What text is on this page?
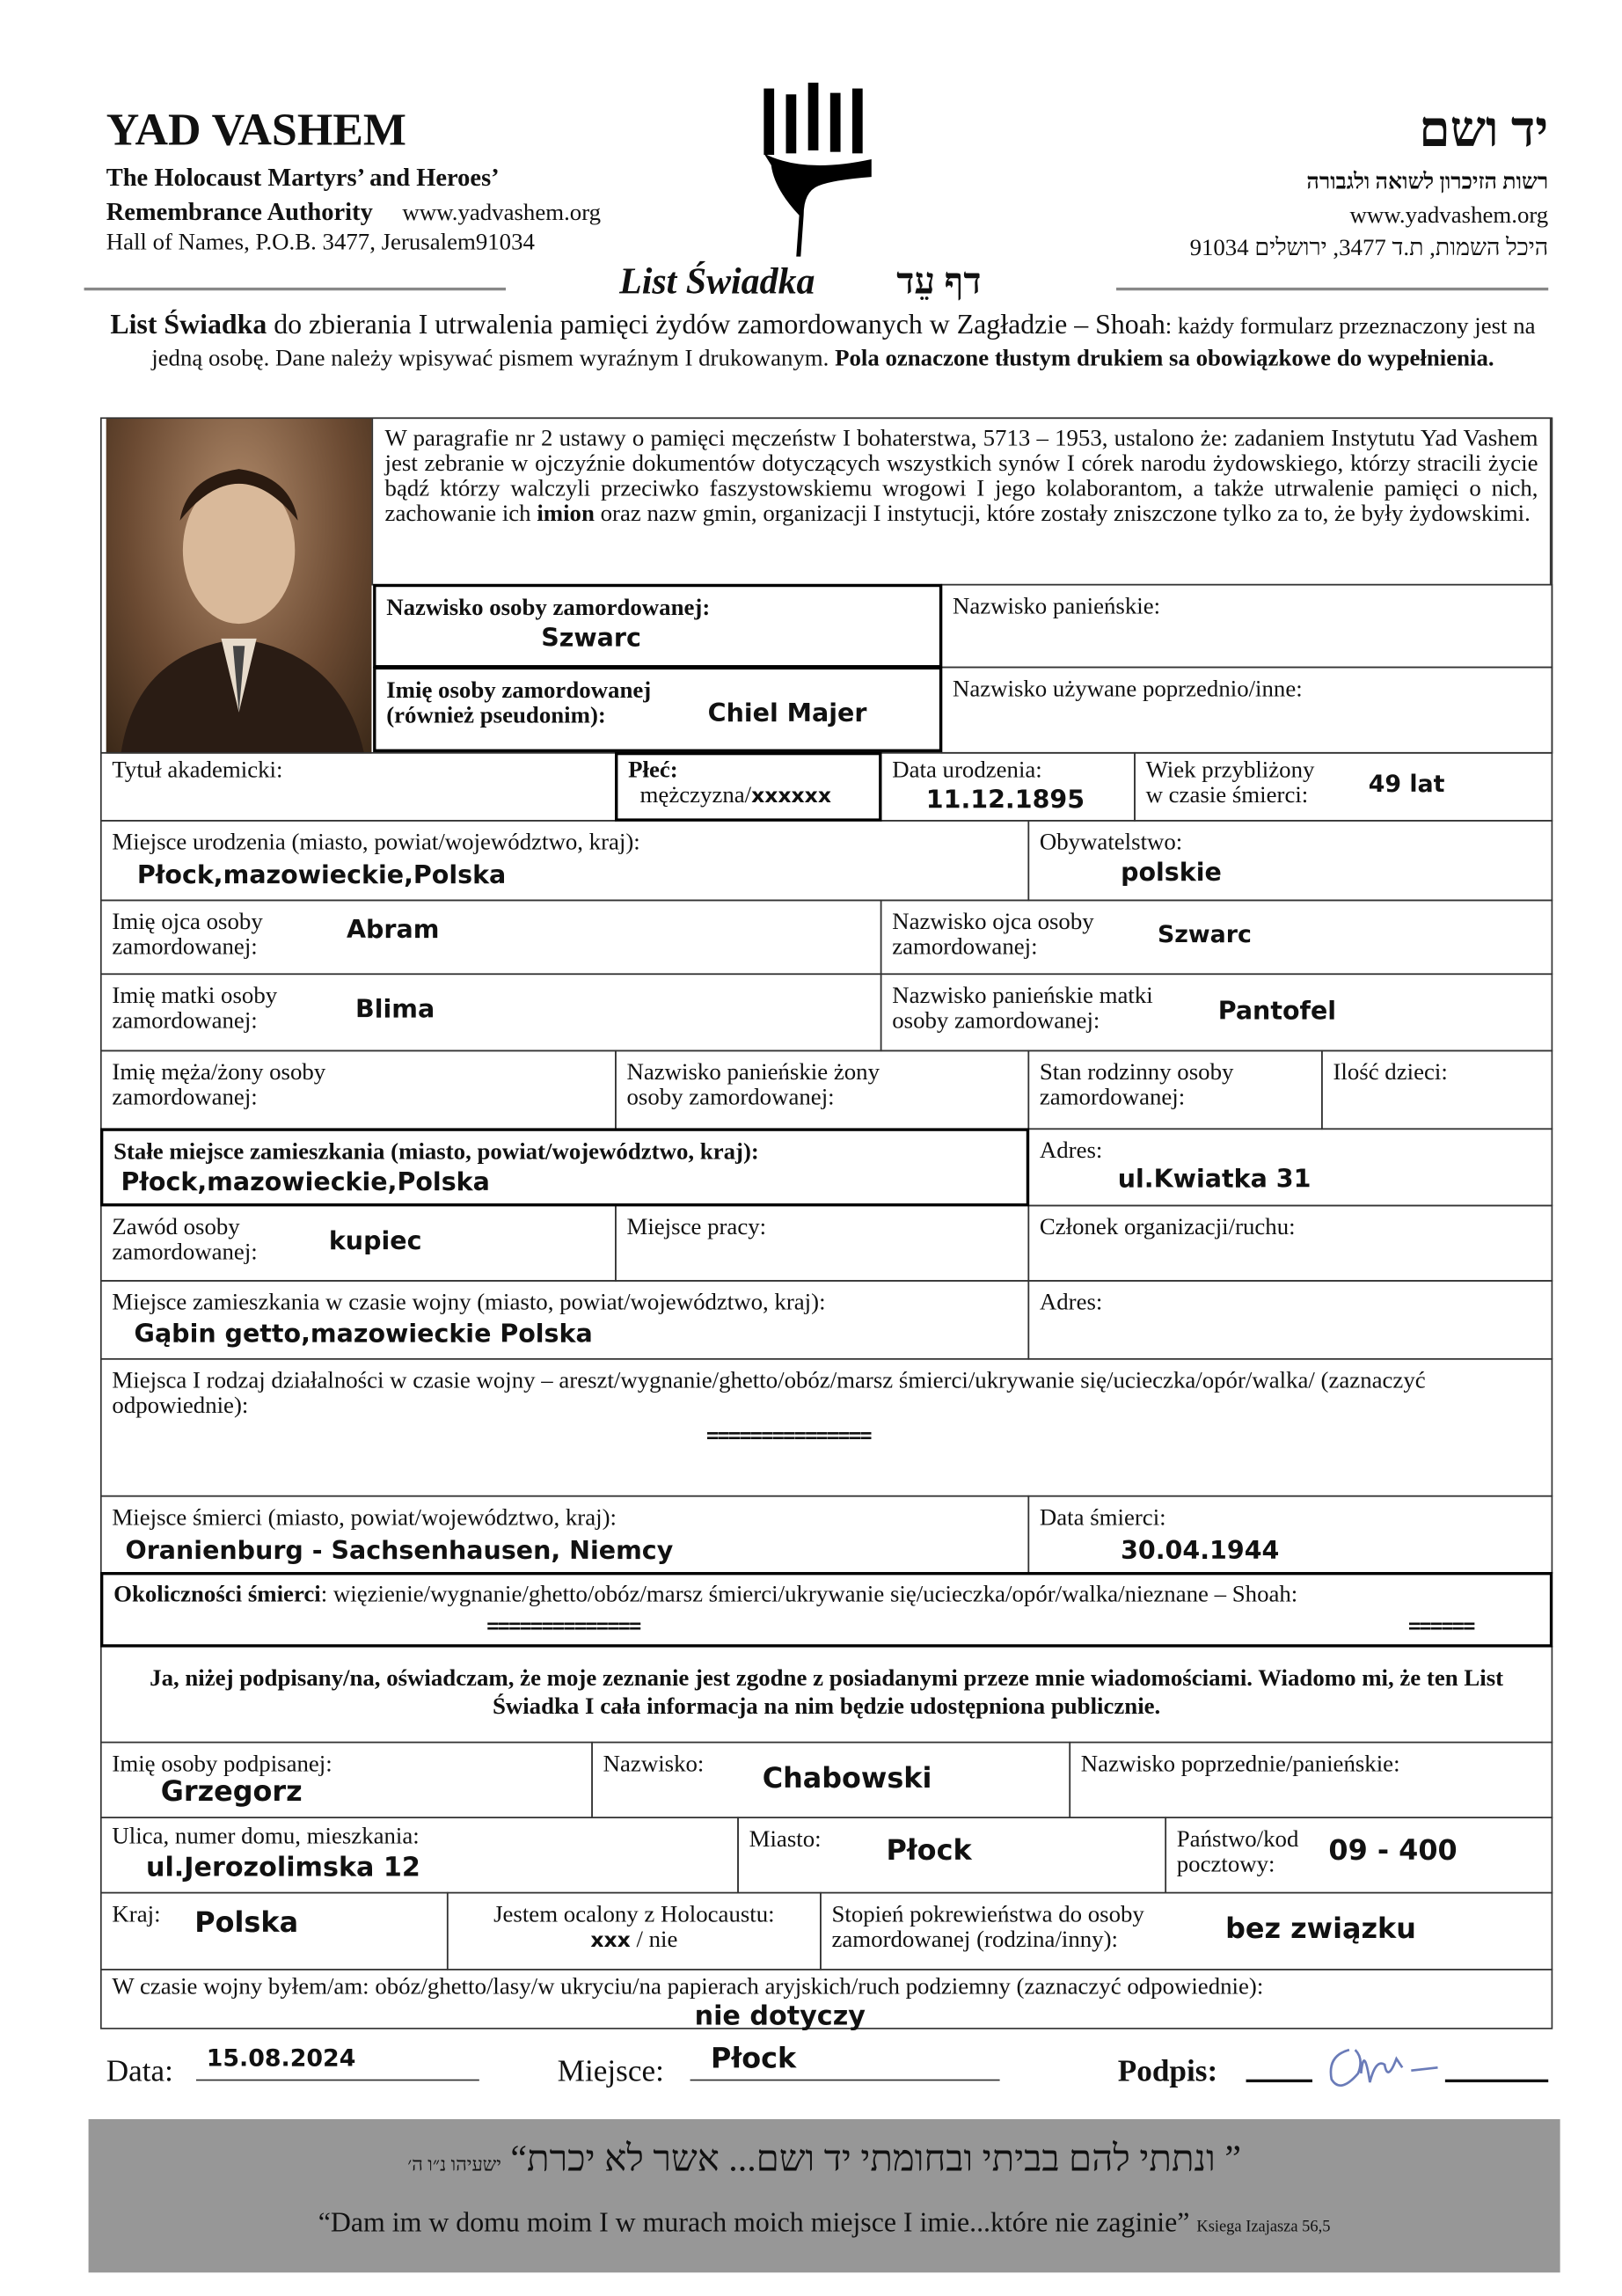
YAD VASHEM
The Holocaust Martyrs’ and Heroes’
Remembrance Authority www.yadvashem.org
Hall of Names, P.O.B. 3477, Jerusalem91034
יד ושם
רשות הזיכרון לשואה ולגבורה
www.yadvashem.org
היכל השמות, ת.ד 3477, ירושלים 91034
List Świadka	דף עֵד
List Świadka do zbierania I utrwalenia pamięci żydów zamordowanych w Zagładzie – Shoah: każdy formularz przeznaczony jest na jedną osobę. Dane należy wpisywać pismem wyraźnym I drukowanym. Pola oznaczone tłustym drukiem sa obowiązkowe do wypełnienia.
W paragrafie nr 2 ustawy o pamięci męczeństw I bohaterstwa, 5713 – 1953, ustalono że: zadaniem Instytutu Yad Vashem jest zebranie w ojczyźnie dokumentów dotyczących wszystkich synów I córek narodu żydowskiego, którzy stracili życie bądź którzy walczyli przeciwko faszystowskiemu wrogowi I jego kolaborantom, a także utrwalenie pamięci o nich, zachowanie ich imion oraz nazw gmin, organizacji I instytucji, które zostały zniszczone tylko za to, że były żydowskimi.
Nazwisko osoby zamordowanej:
Szwarc
Nazwisko panieńskie:
Imię osoby zamordowanej
(również pseudonim):	Chiel Majer
Nazwisko używane poprzednio/inne:
Tytuł akademicki:	Płeć:
mężczyzna/xxxxxx
Data urodzenia:
11.12.1895
Wiek przybliżony
w czasie śmierci:	49 lat
Miejsce urodzenia (miasto, powiat/województwo, kraj):
Płock,mazowieckie,Polska
Obywatelstwo:
polskie
Imię ojca osoby
zamordowanej:
Abram	Nazwisko ojca osoby
zamordowanej:	Szwarc
Imię matki osoby
zamordowanej:	Blima	Nazwisko panieńskie matki
osoby zamordowanej:	Pantofel
Imię męża/żony osoby
zamordowanej:
Nazwisko panieńskie żony
osoby zamordowanej:
Stan rodzinny osoby
zamordowanej:
Ilość dzieci:
Stałe miejsce zamieszkania (miasto, powiat/województwo, kraj):
Płock,mazowieckie,Polska
Adres:
ul.Kwiatka 31
Zawód osoby
zamordowanej:	kupiec	Miejsce pracy:	Członek organizacji/ruchu:
Miejsce zamieszkania w czasie wojny (miasto, powiat/województwo, kraj):
Gąbin getto,mazowieckie Polska
Adres:
Miejsca I rodzaj działalności w czasie wojny – areszt/wygnanie/ghetto/obóz/marsz śmierci/ukrywanie się/ucieczka/opór/walka/ (zaznaczyć odpowiednie):
===============
Miejsce śmierci (miasto, powiat/województwo, kraj):
Oranienburg - Sachsenhausen, Niemcy
Data śmierci:
30.04.1944
Okoliczności śmierci: więzienie/wygnanie/ghetto/obóz/marsz śmierci/ukrywanie się/ucieczka/opór/walka/nieznane – Shoah:
==============	======
Ja, niżej podpisany/na, oświadczam, że moje zeznanie jest zgodne z posiadanymi przeze mnie wiadomościami. Wiadomo mi, że ten List Świadka I cała informacja na nim będzie udostępniona publicznie.
Imię osoby podpisanej:
Grzegorz
Nazwisko:	Chabowski	Nazwisko poprzednie/panieńskie:
Ulica, numer domu, mieszkania:
ul.Jerozolimska 12
Miasto:	Płock	Państwo/kod
pocztowy:	09 - 400
Kraj: Polska	Jestem ocalony z Holocaustu:
xxx / nie
Stopień pokrewieństwa do osoby
zamordowanej (rodzina/inny):	bez związku
W czasie wojny byłem/am: obóz/ghetto/lasy/w ukryciu/na papierach aryjskich/ruch podziemny (zaznaczyć odpowiednie):
nie dotyczy
Data: 15.08.2024	Miejsce:	Płock	Podpis:
” ונתתי להם בביתי ובחומתי יד ושם... אשר לא יכרת“ ישעיהו נ״ו ה׳
“Dam im w domu moim I w murach moich miejsce I imie...które nie zaginie” Ksiega Izajasza 56,5
